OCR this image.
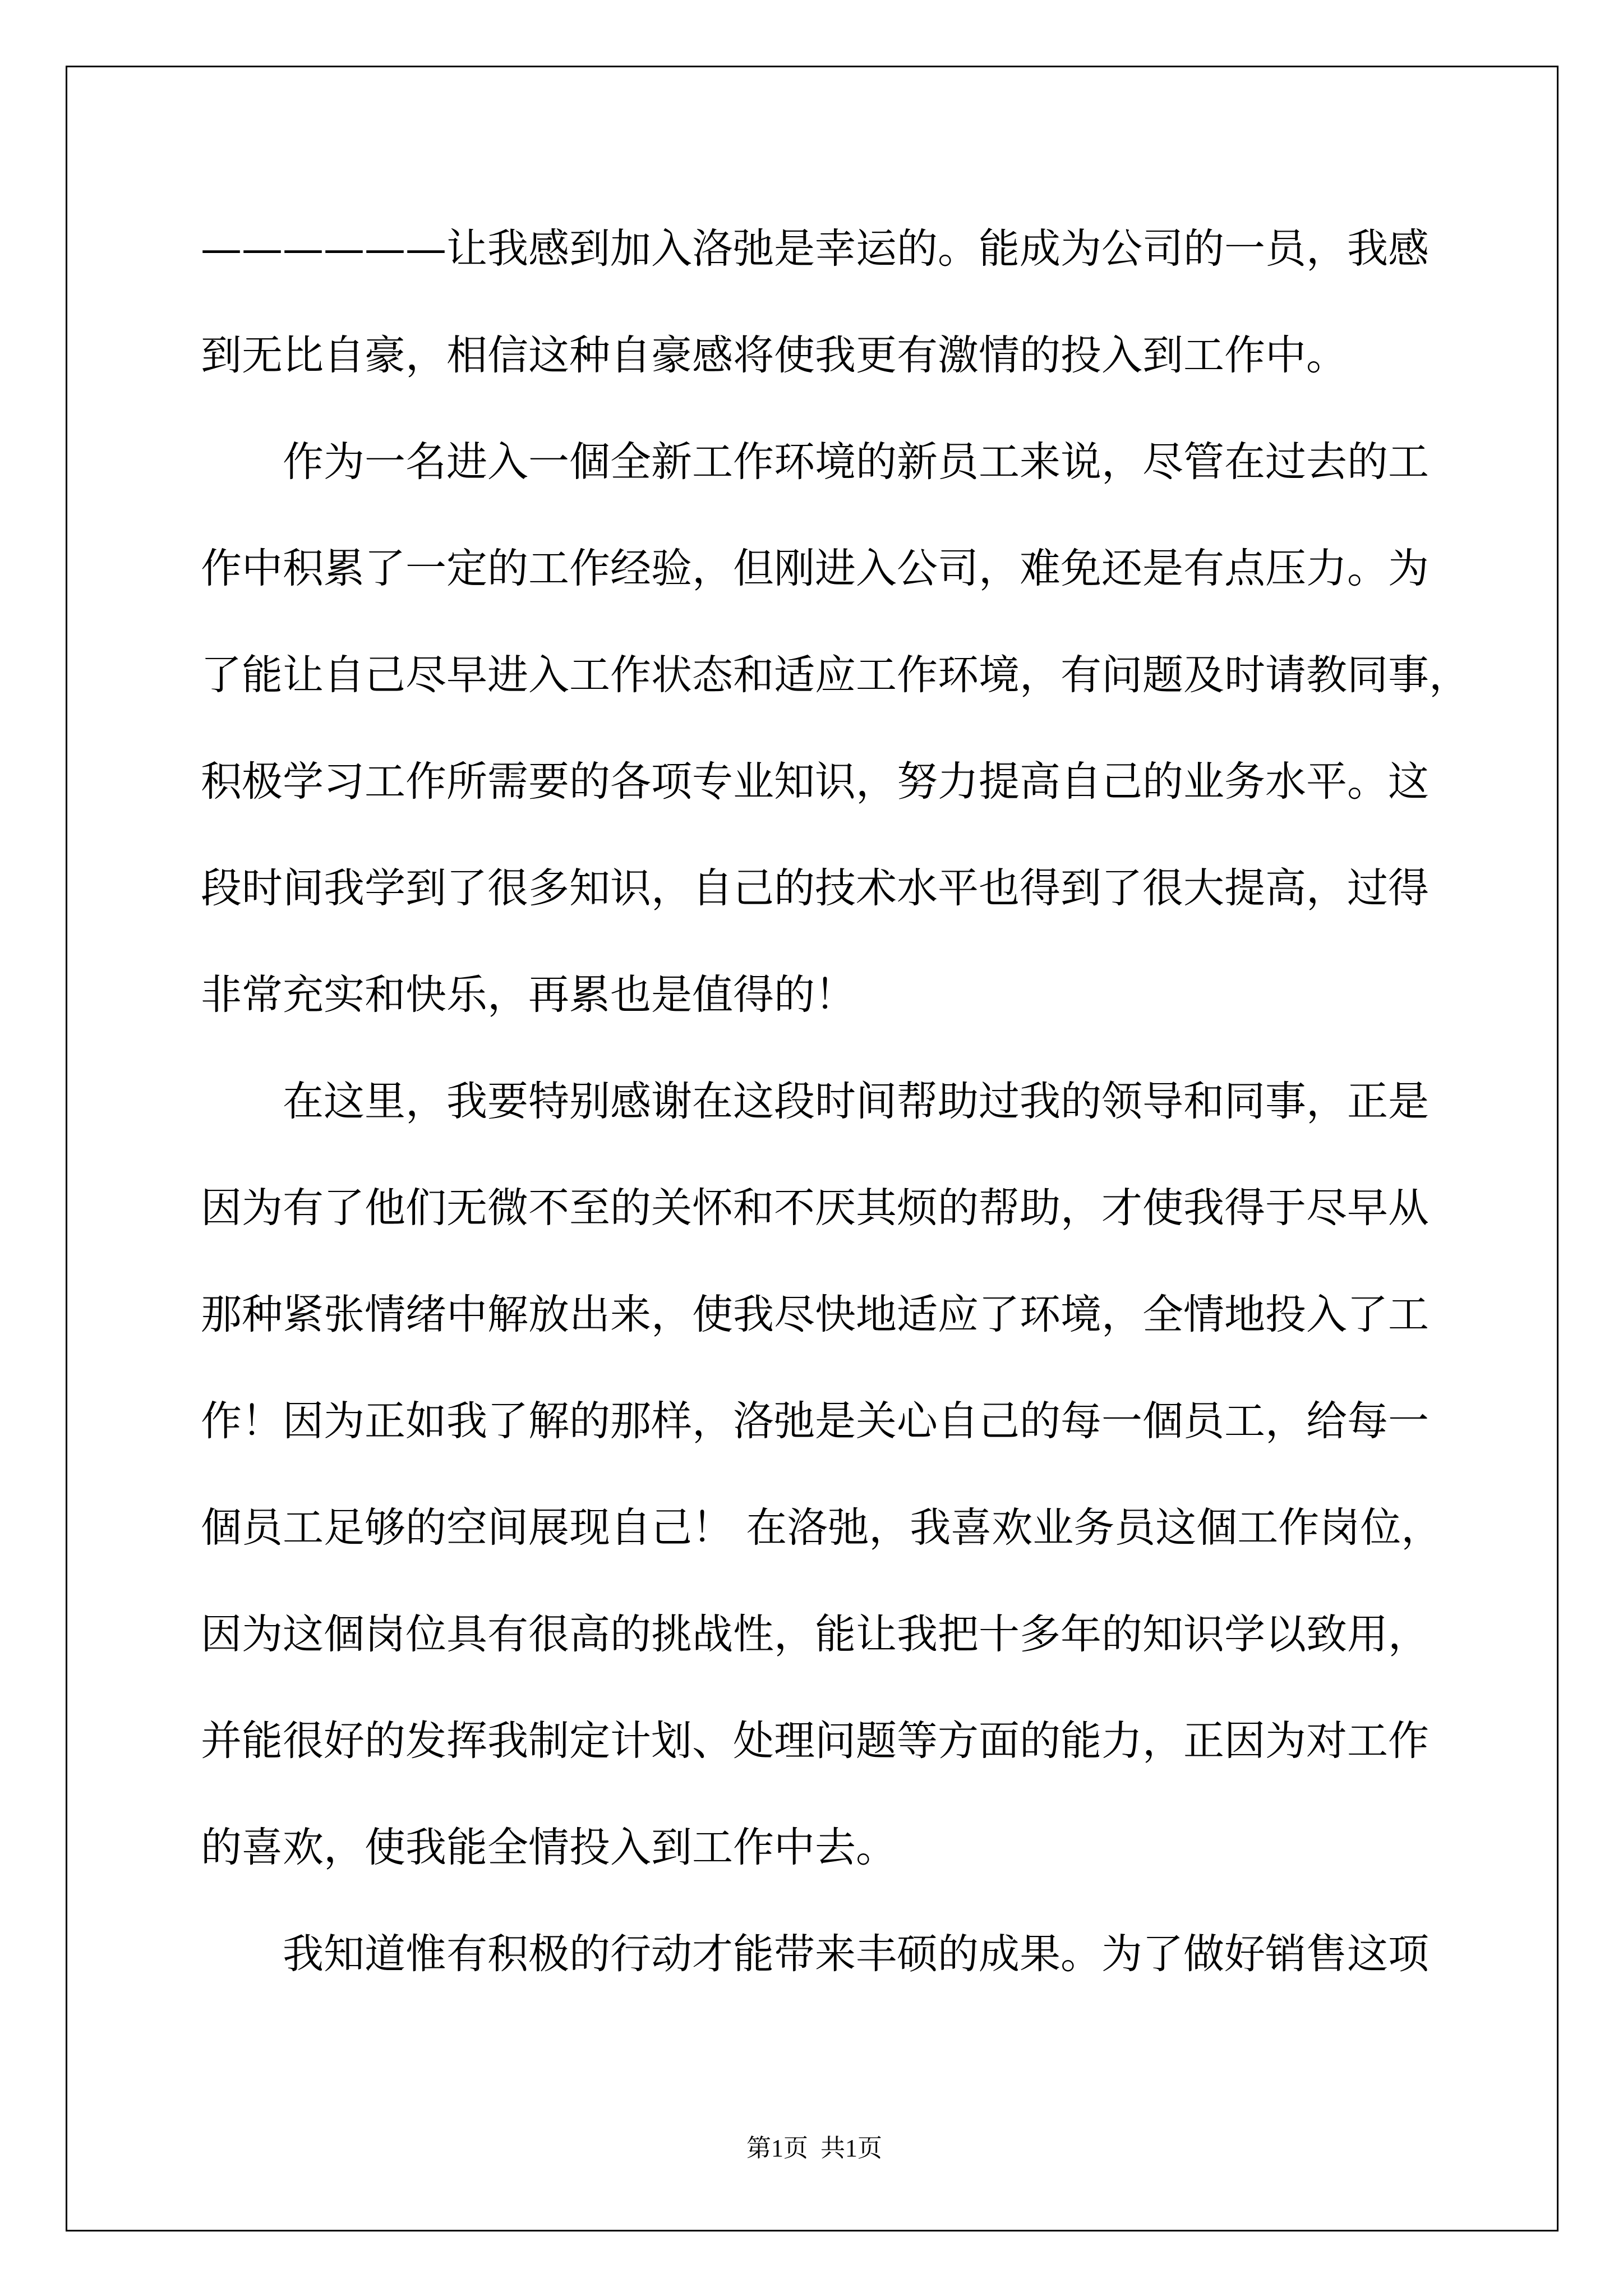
——————让我感到加入洛弛是幸运的。能成为公司的一员，我感
到无比自豪，相信这种自豪感将使我更有激情的投入到工作中。
作为一名进入一個全新工作环境的新员工来说，尽管在过去的工
作中积累了一定的工作经验，但刚进入公司，难免还是有点压力。为
了能让自己尽早进入工作状态和适应工作环境，有问题及时请教同事，
积极学习工作所需要的各项专业知识，努力提高自己的业务水平。这
段时间我学到了很多知识，自己的技术水平也得到了很大提高，过得
非常充实和快乐，再累也是值得的！
在这里，我要特别感谢在这段时间帮助过我的领导和同事，正是
因为有了他们无微不至的关怀和不厌其烦的帮助，才使我得于尽早从
那种紧张情绪中解放出来，使我尽快地适应了环境，全情地投入了工
作！因为正如我了解的那样，洛弛是关心自己的每一個员工，给每一
個员工足够的空间展现自己！ 在洛弛，我喜欢业务员这個工作岗位，
因为这個岗位具有很高的挑战性，能让我把十多年的知识学以致用，
并能很好的发挥我制定计划、处理问题等方面的能力，正因为对工作
的喜欢，使我能全情投入到工作中去。
我知道惟有积极的行动才能带来丰硕的成果。为了做好销售这项
第1页  共1页
